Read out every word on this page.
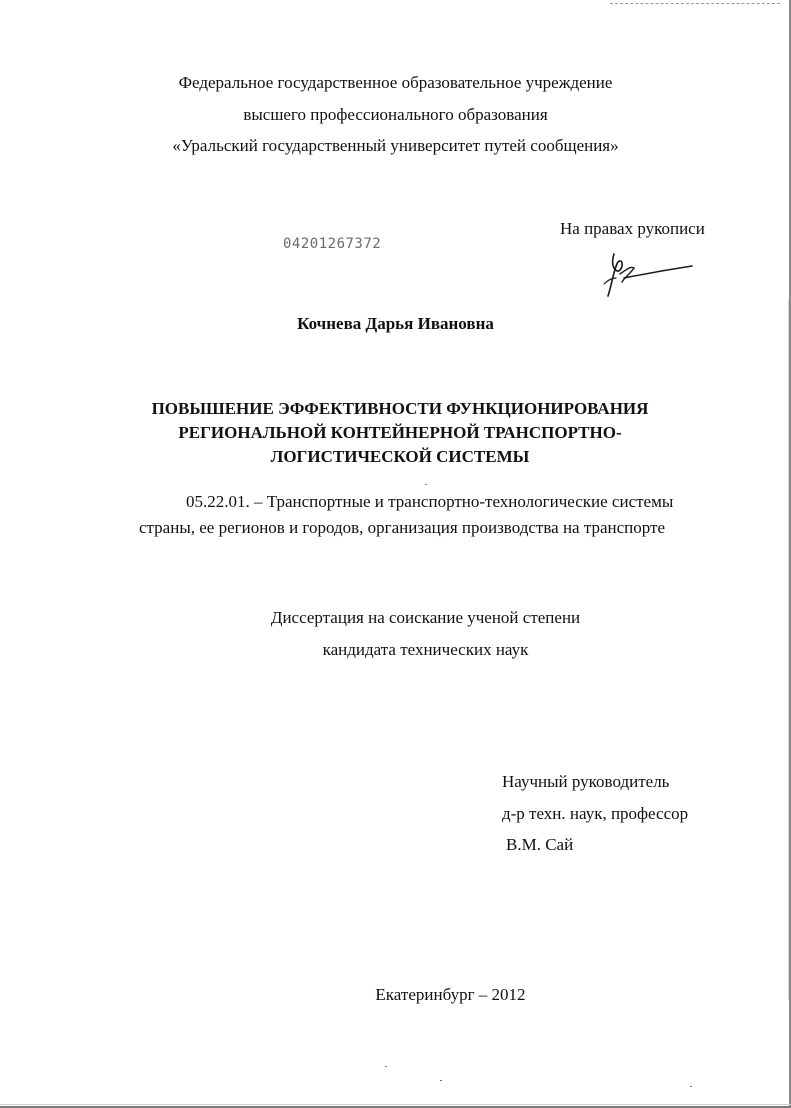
Федеральное государственное образовательное учреждение
высшего профессионального образования
«Уральский государственный университет путей сообщения»
На правах рукописи
04201267372
Кочнева Дарья Ивановна
ПОВЫШЕНИЕ ЭФФЕКТИВНОСТИ ФУНКЦИОНИРОВАНИЯ
РЕГИОНАЛЬНОЙ КОНТЕЙНЕРНОЙ ТРАНСПОРТНО-
ЛОГИСТИЧЕСКОЙ СИСТЕМЫ
05.22.01. – Транспортные и транспортно-технологические системы
страны, ее регионов и городов, организация производства на транспорте
Диссертация на соискание ученой степени
кандидата технических наук
Научный руководитель
д-р техн. наук, профессор
В.М. Сай
Екатеринбург – 2012
